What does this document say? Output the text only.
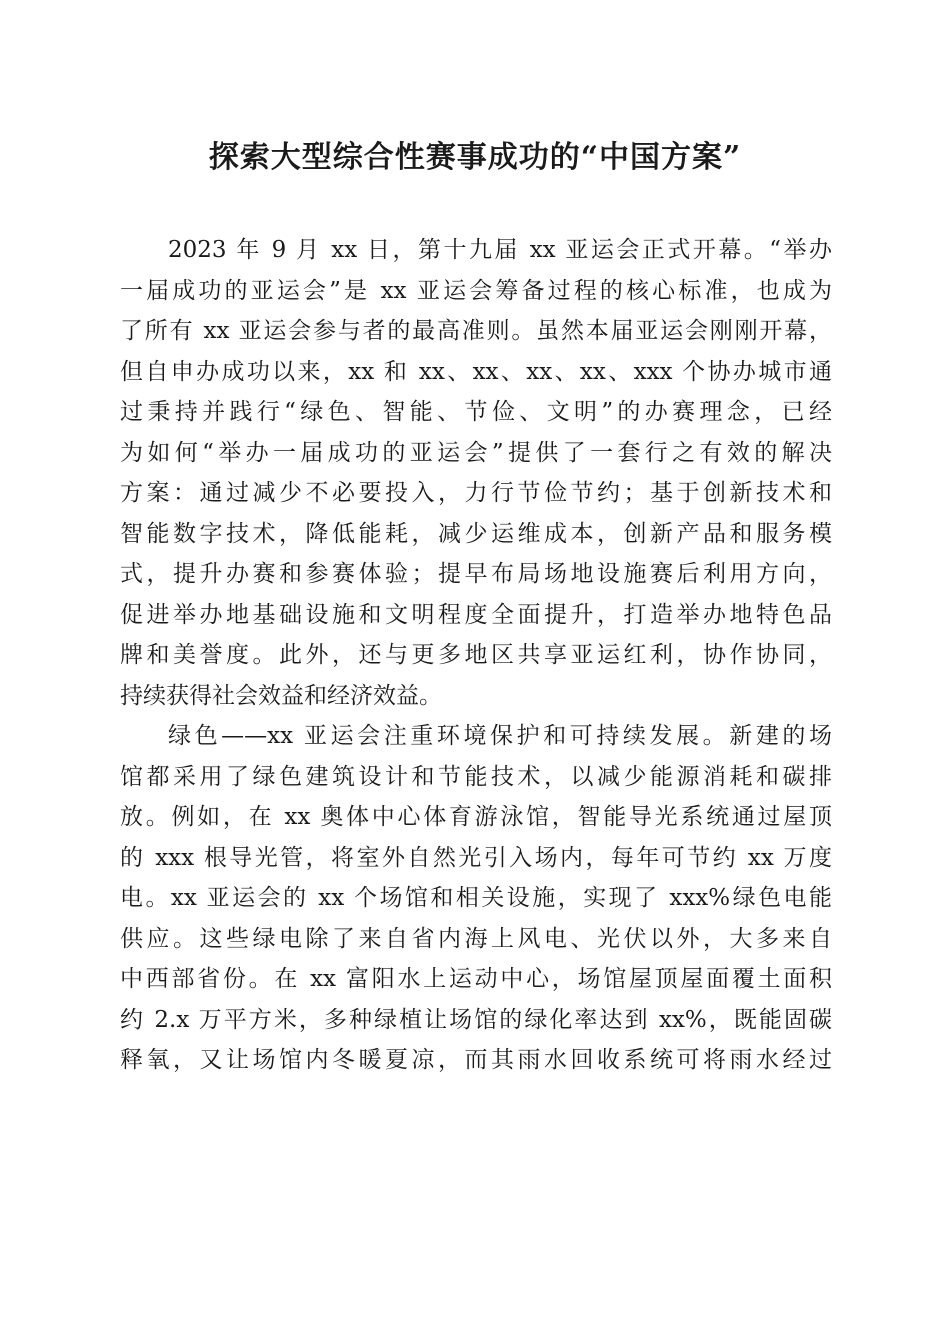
探索大型综合性赛事成功的“中国方案”
2023 年 9 月 xx 日，第十九届 xx 亚运会正式开幕。“举办
一届成功的亚运会”是 xx 亚运会筹备过程的核心标准，也成为
了所有 xx 亚运会参与者的最高准则。虽然本届亚运会刚刚开幕，
但自申办成功以来，xx 和 xx、xx、xx、xx、xxx 个协办城市通
过秉持并践行“绿色、智能、节俭、文明”的办赛理念，已经
为如何“举办一届成功的亚运会”提供了一套行之有效的解决
方案：通过减少不必要投入，力行节俭节约；基于创新技术和
智能数字技术，降低能耗，减少运维成本，创新产品和服务模
式，提升办赛和参赛体验；提早布局场地设施赛后利用方向，
促进举办地基础设施和文明程度全面提升，打造举办地特色品
牌和美誉度。此外，还与更多地区共享亚运红利，协作协同，
持续获得社会效益和经济效益。
绿色——xx 亚运会注重环境保护和可持续发展。新建的场
馆都采用了绿色建筑设计和节能技术，以减少能源消耗和碳排
放。例如，在 xx 奥体中心体育游泳馆，智能导光系统通过屋顶
的 xxx 根导光管，将室外自然光引入场内，每年可节约 xx 万度
电。xx 亚运会的 xx 个场馆和相关设施，实现了 xxx%绿色电能
供应。这些绿电除了来自省内海上风电、光伏以外，大多来自
中西部省份。在 xx 富阳水上运动中心，场馆屋顶屋面覆土面积
约 2.x 万平方米，多种绿植让场馆的绿化率达到 xx%，既能固碳
释氧，又让场馆内冬暖夏凉，而其雨水回收系统可将雨水经过
